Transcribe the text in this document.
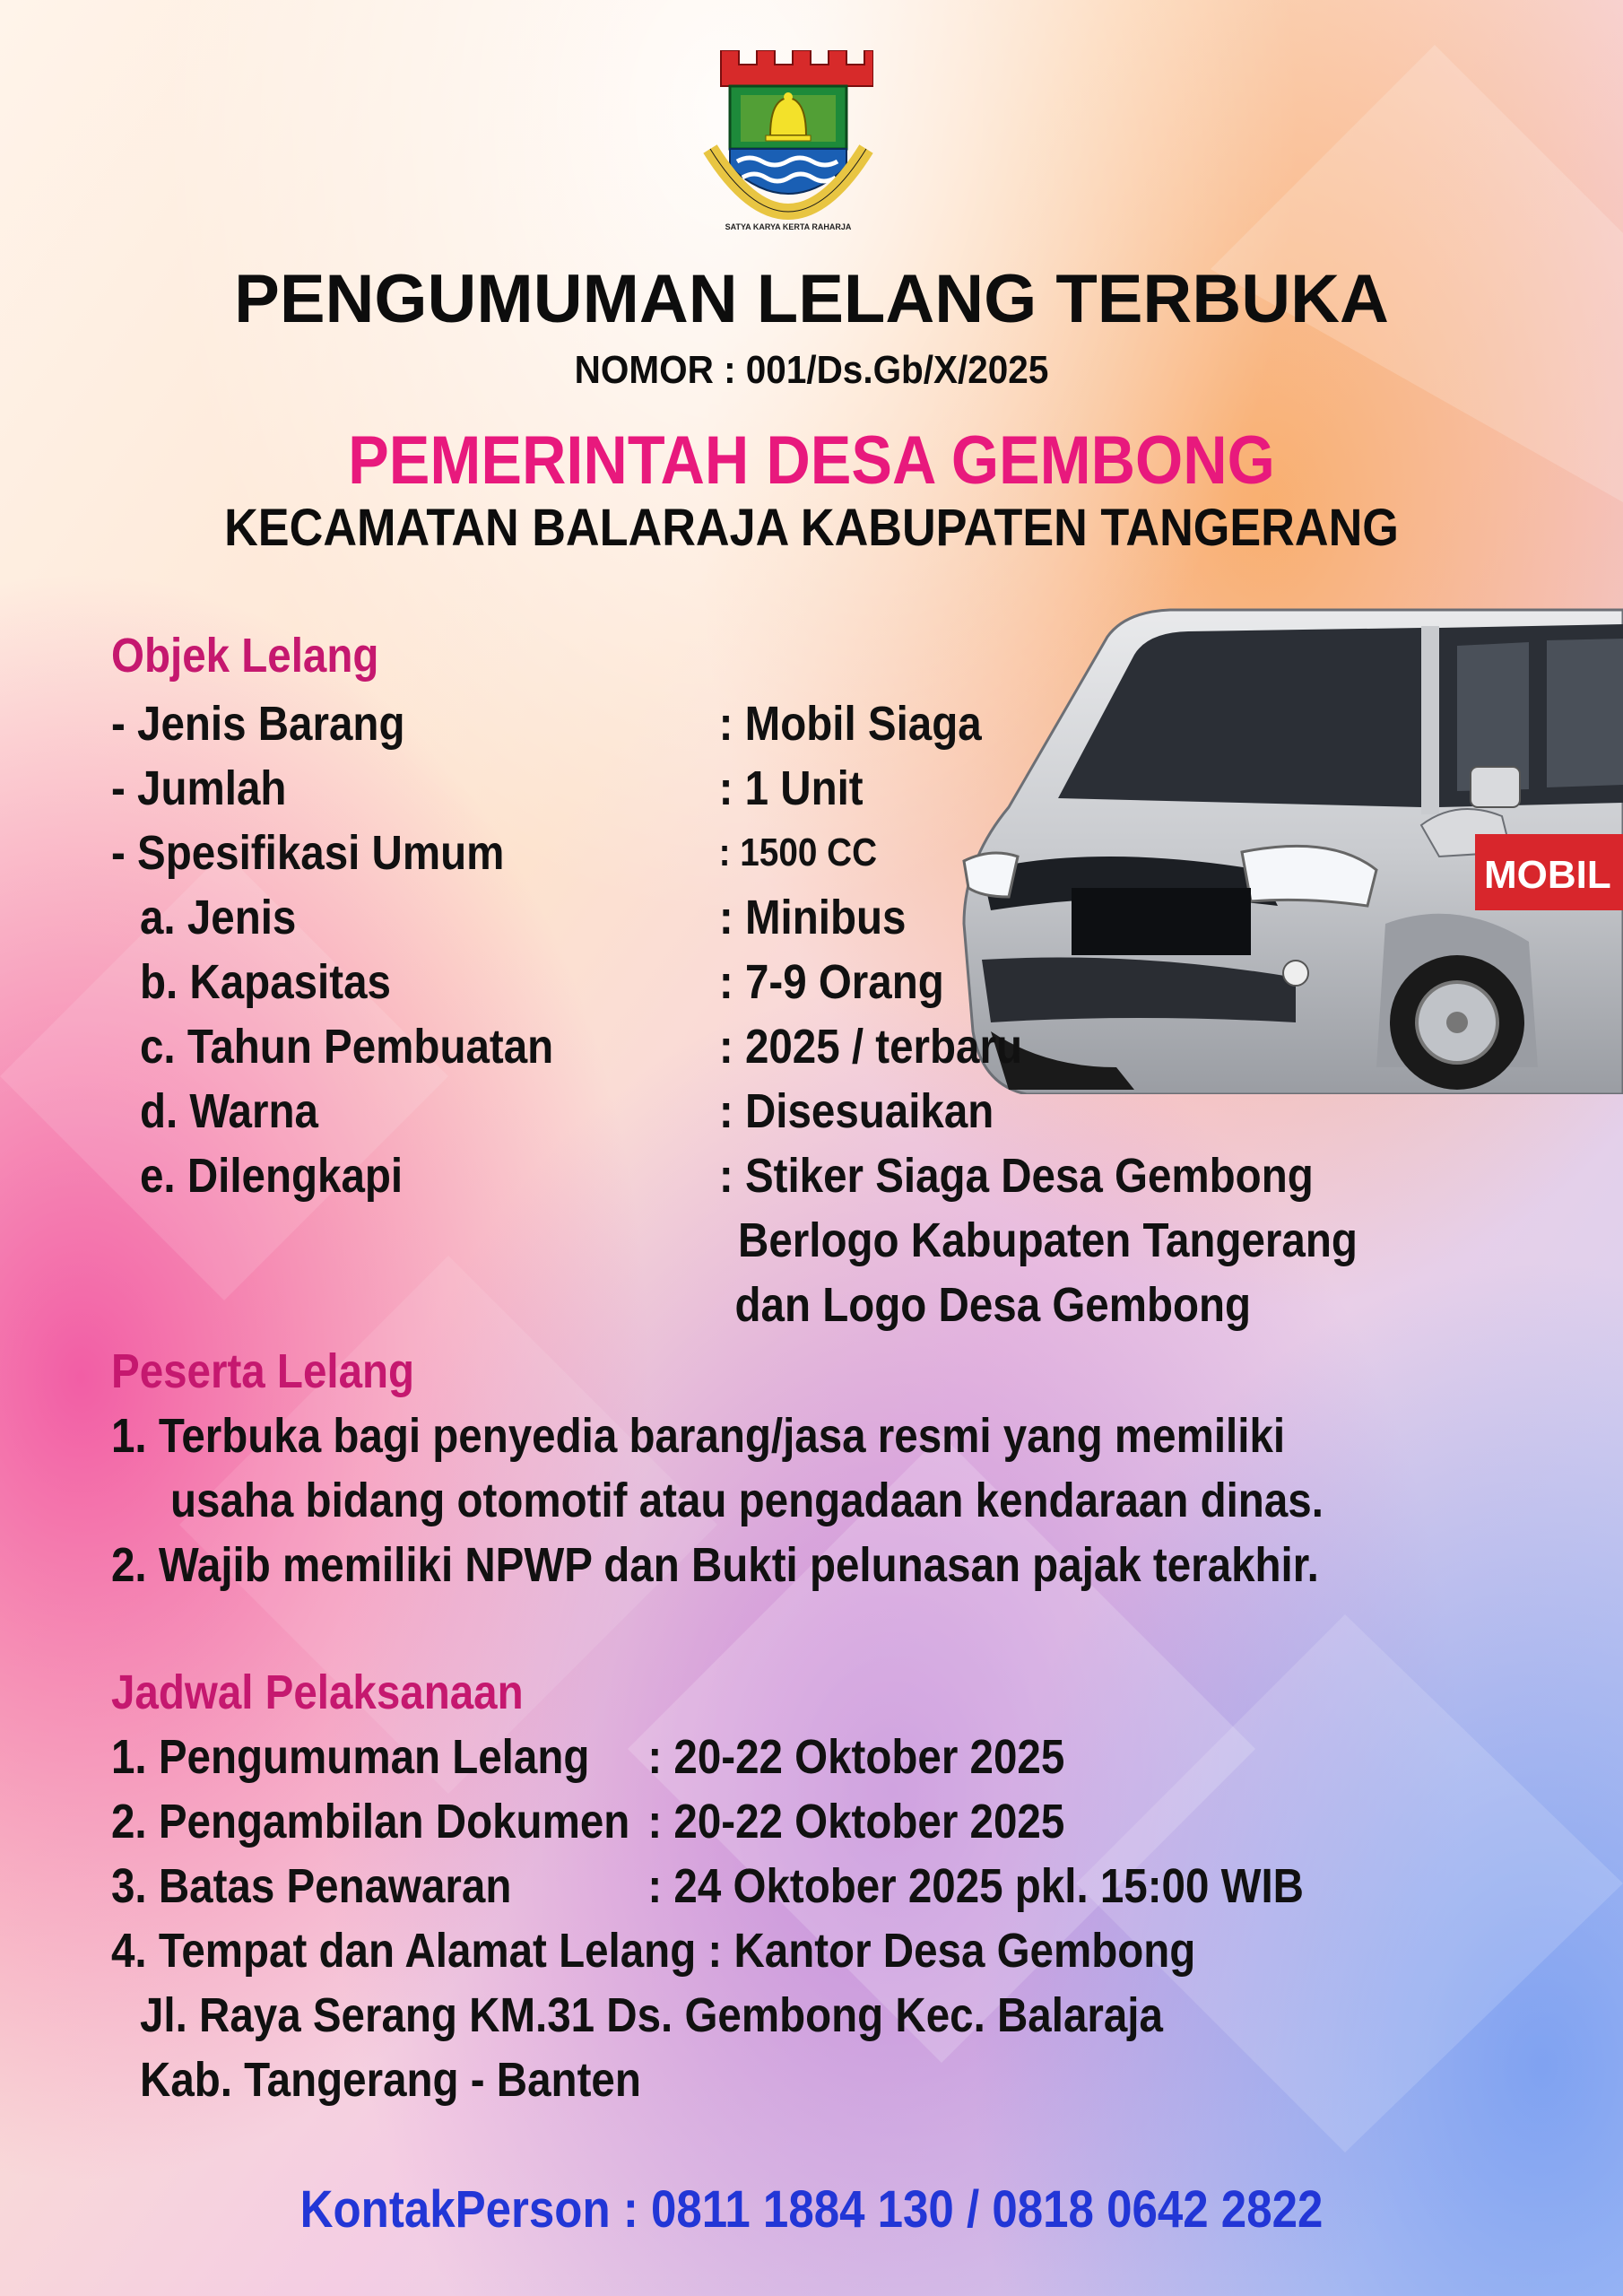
SATYA KARYA KERTA RAHARJA
PENGUMUMAN LELANG TERBUKA
NOMOR : 001/Ds.Gb/X/2025
PEMERINTAH DESA GEMBONG
KECAMATAN BALARAJA KABUPATEN TANGERANG
MOBIL
Objek Lelang
- Jenis Barang	: Mobil Siaga
- Jumlah	: 1 Unit
- Spesifikasi Umum	: 1500 CC
a. Jenis	: Minibus
b. Kapasitas	: 7-9 Orang
c. Tahun Pembuatan	: 2025 / terbaru
d. Warna	: Disesuaikan
e. Dilengkapi	: Stiker Siaga Desa Gembong
Berlogo Kabupaten Tangerang
dan Logo Desa Gembong
Peserta Lelang
1. Terbuka bagi penyedia barang/jasa resmi yang memiliki
usaha bidang otomotif atau pengadaan kendaraan dinas.
2. Wajib memiliki NPWP dan Bukti pelunasan pajak terakhir.
Jadwal Pelaksanaan
1. Pengumuman Lelang : 20-22 Oktober 2025
2. Pengambilan Dokumen : 20-22 Oktober 2025
3. Batas Penawaran	: 24 Oktober 2025 pkl. 15:00 WIB
4. Tempat dan Alamat Lelang : Kantor Desa Gembong
Jl. Raya Serang KM.31 Ds. Gembong Kec. Balaraja
Kab. Tangerang - Banten
KontakPerson : 0811 1884 130 / 0818 0642 2822
